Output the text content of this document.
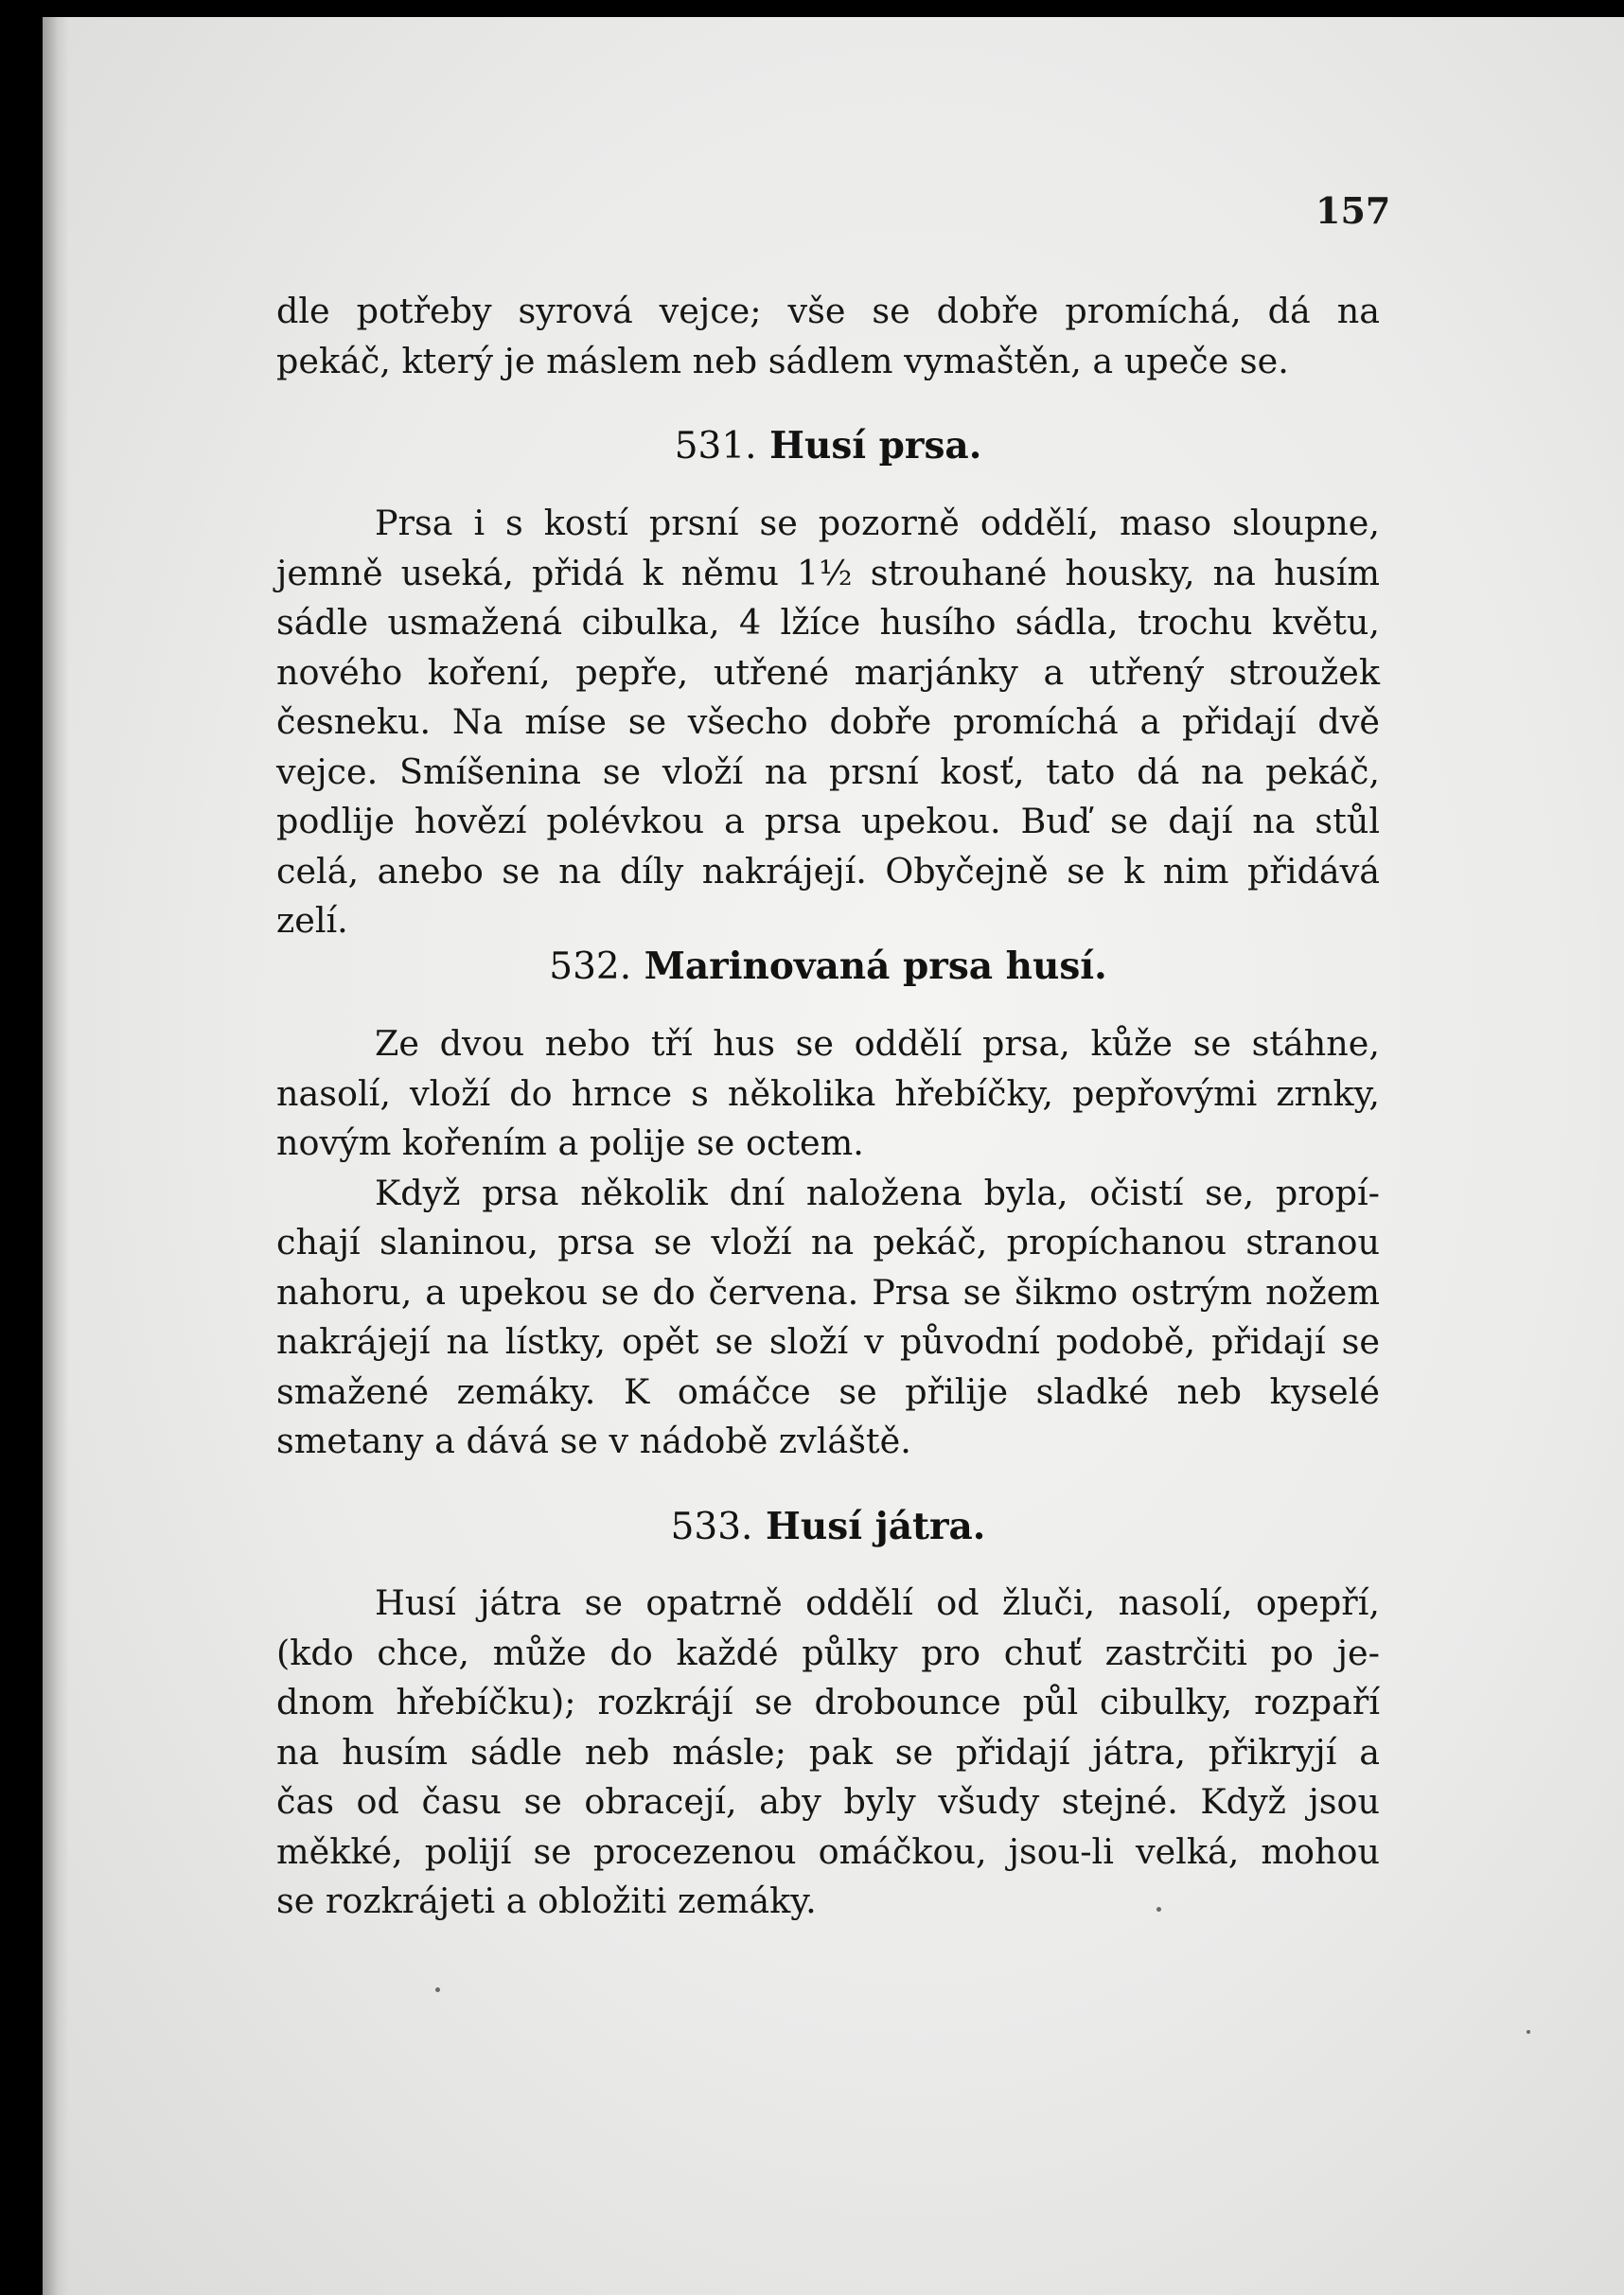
157

dle potřeby syrová vejce; vše se dobře promíchá, dá na
pekáč, který je máslem neb sádlem vymaštěn, a upeče se.

531. Husí prsa.

Prsa i s kostí prsní se pozorně oddělí, maso sloupne,
jemně useká, přidá k němu 1½ strouhané housky, na husím
sádle usmažená cibulka, 4 lžíce husího sádla, trochu květu,
nového koření, pepře, utřené marjánky a utřený stroužek
česneku. Na míse se všecho dobře promíchá a přidají dvě
vejce. Smíšenina se vloží na prsní kosť, tato dá na pekáč,
podlije hovězí polévkou a prsa upekou. Buď se dají na stůl
celá, anebo se na díly nakrájejí. Obyčejně se k nim přidává
zelí.

532. Marinovaná prsa husí.

Ze dvou nebo tří hus se oddělí prsa, kůže se stáhne,
nasolí, vloží do hrnce s několika hřebíčky, pepřovými zrnky,
novým kořením a polije se octem.
Když prsa několik dní naložena byla, očistí se, propí-
chají slaninou, prsa se vloží na pekáč, propíchanou stranou
nahoru, a upekou se do červena. Prsa se šikmo ostrým nožem
nakrájejí na lístky, opět se složí v původní podobě, přidají se
smažené zemáky. K omáčce se přilije sladké neb kyselé
smetany a dává se v nádobě zvláště.

533. Husí játra.

Husí játra se opatrně oddělí od žluči, nasolí, opepří,
(kdo chce, může do každé půlky pro chuť zastrčiti po je-
dnom hřebíčku); rozkrájí se drobounce půl cibulky, rozpaří
na husím sádle neb másle; pak se přidají játra, přikryjí a
čas od času se obracejí, aby byly všudy stejné. Když jsou
měkké, polijí se procezenou omáčkou, jsou-li velká, mohou
se rozkrájeti a obložiti zemáky.
